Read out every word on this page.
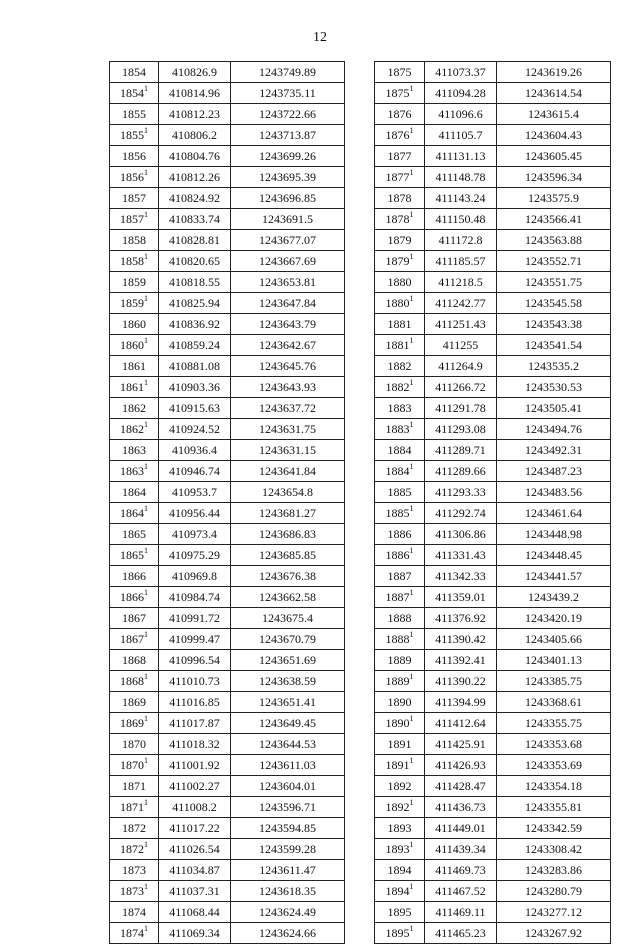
12
1854	410826.9	1243749.89
1854$^1$	410814.96	1243735.11
1855	410812.23	1243722.66
1855$^1$	410806.2	1243713.87
1856	410804.76	1243699.26
1856$^1$	410812.26	1243695.39
1857	410824.92	1243696.85
1857$^1$	410833.74	1243691.5
1858	410828.81	1243677.07
1858$^1$	410820.65	1243667.69
1859	410818.55	1243653.81
1859$^1$	410825.94	1243647.84
1860	410836.92	1243643.79
1860$^1$	410859.24	1243642.67
1861	410881.08	1243645.76
1861$^1$	410903.36	1243643.93
1862	410915.63	1243637.72
1862$^1$	410924.52	1243631.75
1863	410936.4	1243631.15
1863$^1$	410946.74	1243641.84
1864	410953.7	1243654.8
1864$^1$	410956.44	1243681.27
1865	410973.4	1243686.83
1865$^1$	410975.29	1243685.85
1866	410969.8	1243676.38
1866$^1$	410984.74	1243662.58
1867	410991.72	1243675.4
1867$^1$	410999.47	1243670.79
1868	410996.54	1243651.69
1868$^1$	411010.73	1243638.59
1869	411016.85	1243651.41
1869$^1$	411017.87	1243649.45
1870	411018.32	1243644.53
1870$^1$	411001.92	1243611.03
1871	411002.27	1243604.01
1871$^1$	411008.2	1243596.71
1872	411017.22	1243594.85
1872$^1$	411026.54	1243599.28
1873	411034.87	1243611.47
1873$^1$	411037.31	1243618.35
1874	411068.44	1243624.49
1874$^1$	411069.34	1243624.66
1875	411073.37	1243619.26
1875$^1$	411094.28	1243614.54
1876	411096.6	1243615.4
1876$^1$	411105.7	1243604.43
1877	411131.13	1243605.45
1877$^1$	411148.78	1243596.34
1878	411143.24	1243575.9
1878$^1$	411150.48	1243566.41
1879	411172.8	1243563.88
1879$^1$	411185.57	1243552.71
1880	411218.5	1243551.75
1880$^1$	411242.77	1243545.58
1881	411251.43	1243543.38
1881$^1$	411255	1243541.54
1882	411264.9	1243535.2
1882$^1$	411266.72	1243530.53
1883	411291.78	1243505.41
1883$^1$	411293.08	1243494.76
1884	411289.71	1243492.31
1884$^1$	411289.66	1243487.23
1885	411293.33	1243483.56
1885$^1$	411292.74	1243461.64
1886	411306.86	1243448.98
1886$^1$	411331.43	1243448.45
1887	411342.33	1243441.57
1887$^1$	411359.01	1243439.2
1888	411376.92	1243420.19
1888$^1$	411390.42	1243405.66
1889	411392.41	1243401.13
1889$^1$	411390.22	1243385.75
1890	411394.99	1243368.61
1890$^1$	411412.64	1243355.75
1891	411425.91	1243353.68
1891$^1$	411426.93	1243353.69
1892	411428.47	1243354.18
1892$^1$	411436.73	1243355.81
1893	411449.01	1243342.59
1893$^1$	411439.34	1243308.42
1894	411469.73	1243283.86
1894$^1$	411467.52	1243280.79
1895	411469.11	1243277.12
1895$^1$	411465.23	1243267.92
